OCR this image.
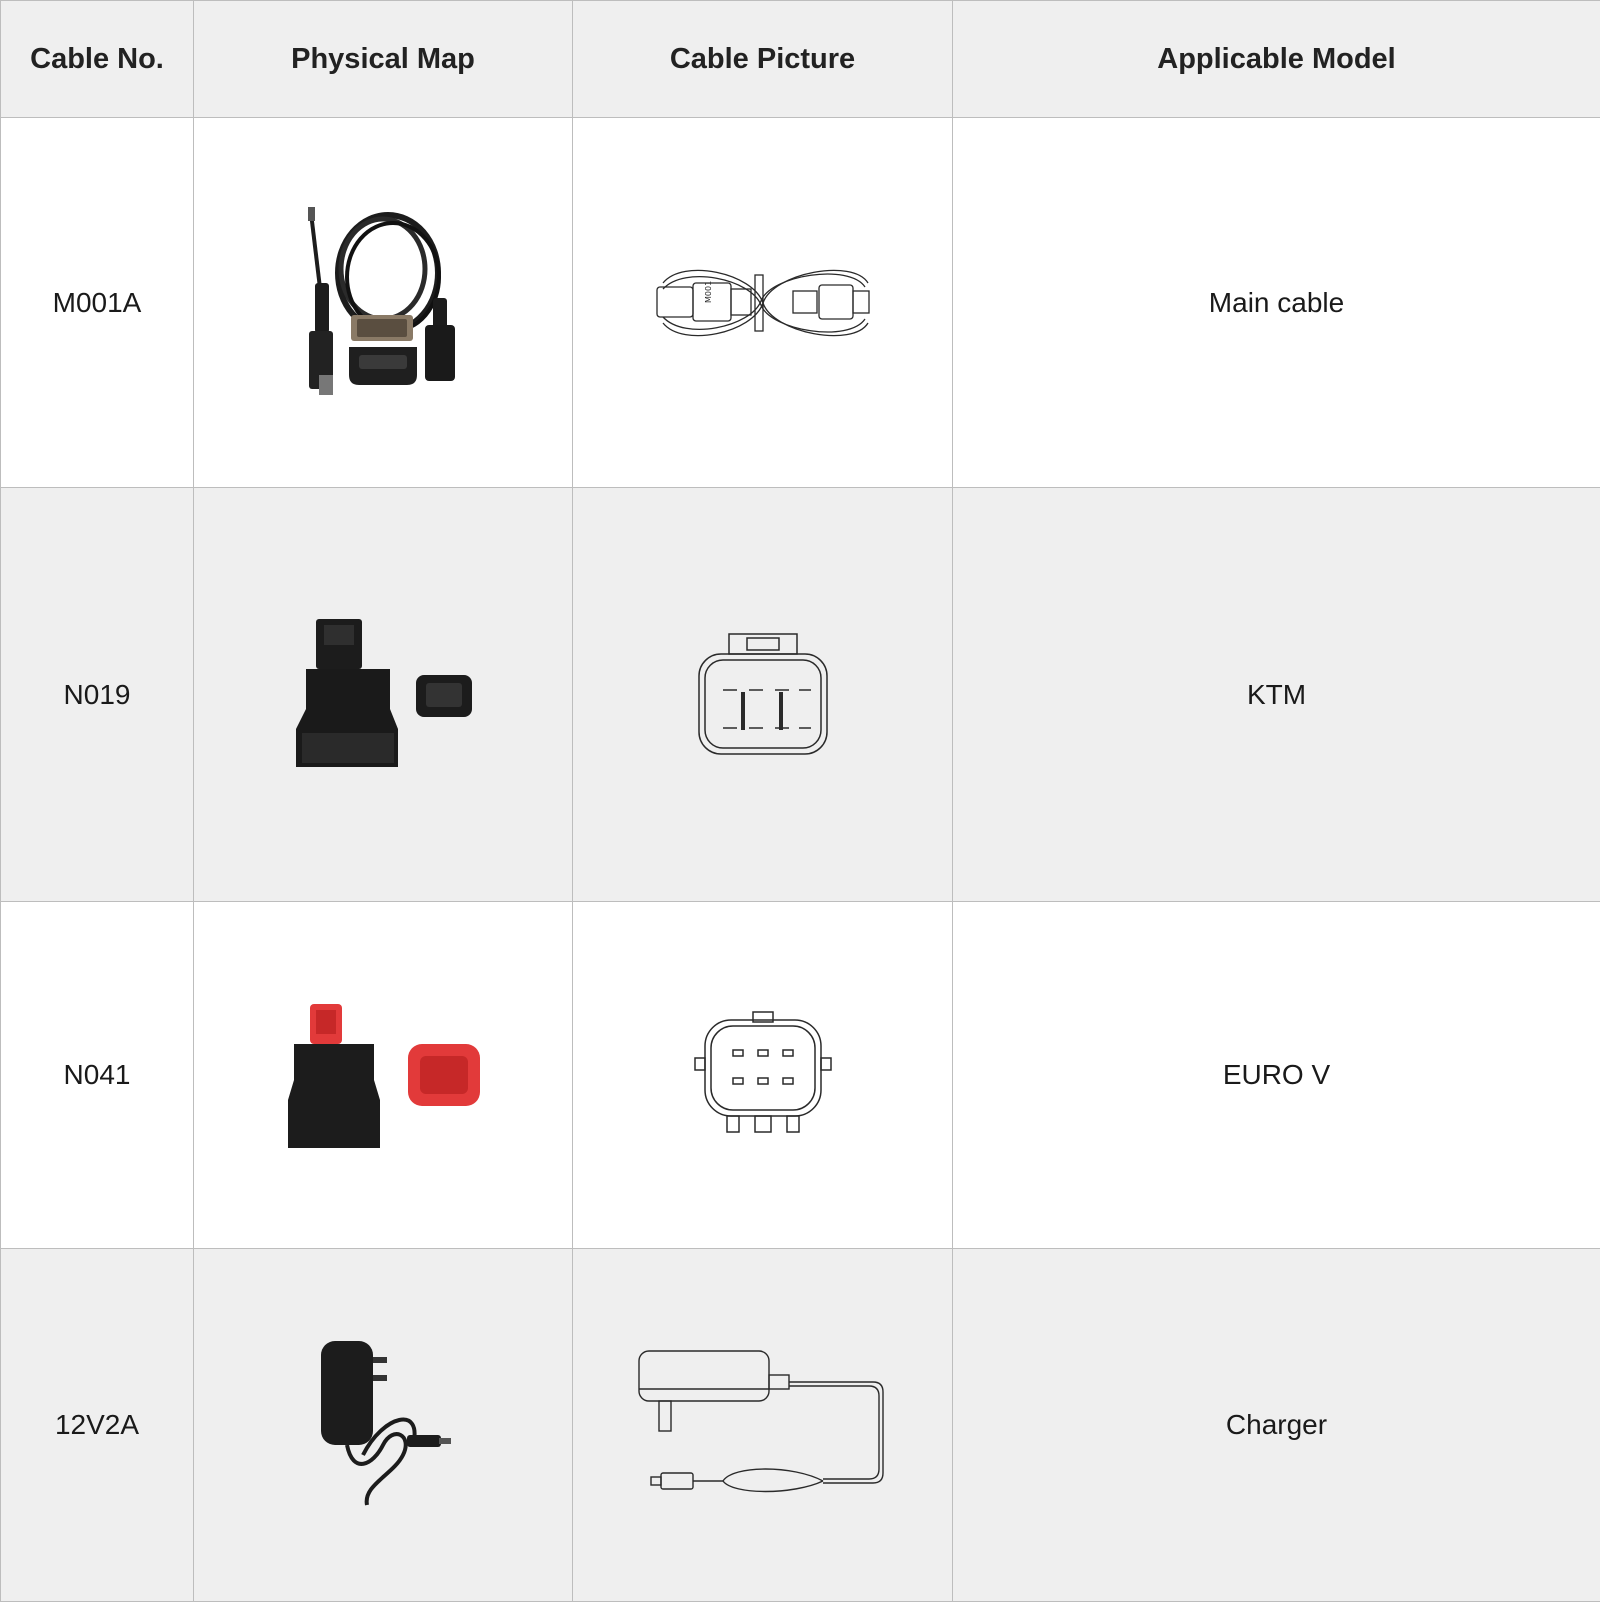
Cable No.	Physical Map	Cable Picture	Applicable Model
M001A		M001	Main cable
N019			KTM
N041			EURO V
12V2A			Charger
